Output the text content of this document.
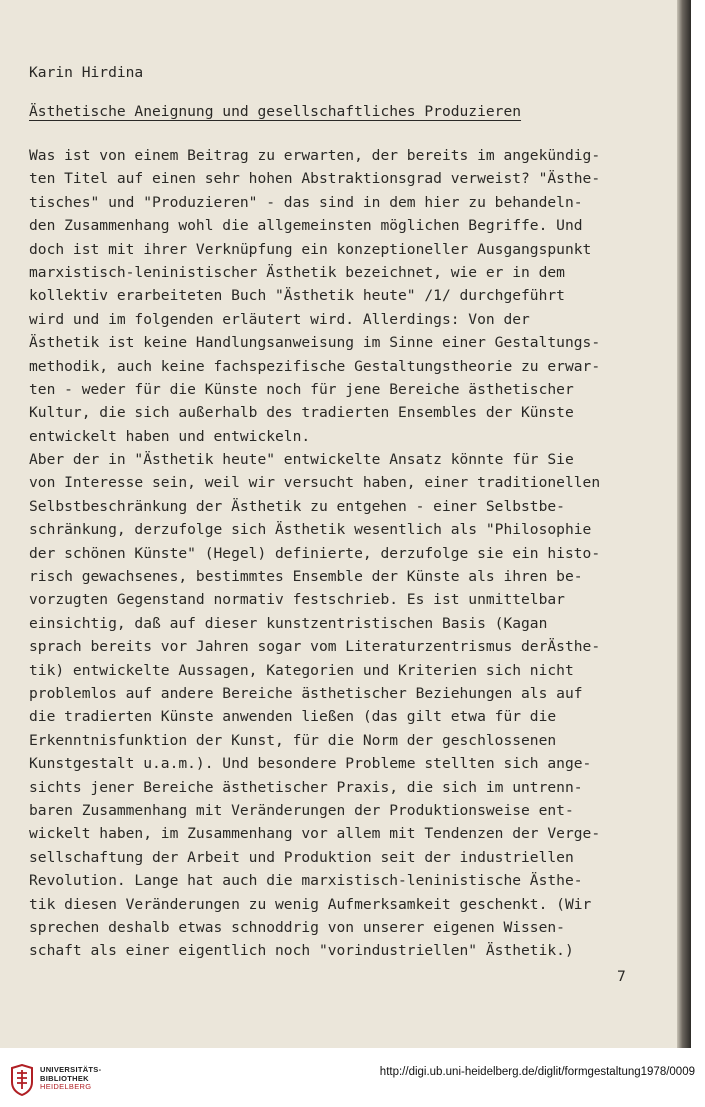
Karin Hirdina
Ästhetische Aneignung und gesellschaftliches Produzieren
Was ist von einem Beitrag zu erwarten, der bereits im angekündig-
ten Titel auf einen sehr hohen Abstraktionsgrad verweist? "Ästhe-
tisches" und "Produzieren" - das sind in dem hier zu behandeln-
den Zusammenhang wohl die allgemeinsten möglichen Begriffe. Und
doch ist mit ihrer Verknüpfung ein konzeptioneller Ausgangspunkt
marxistisch-leninistischer Ästhetik bezeichnet, wie er in dem
kollektiv erarbeiteten Buch "Ästhetik heute" /1/ durchgeführt
wird und im folgenden erläutert wird. Allerdings: Von der
Ästhetik ist keine Handlungsanweisung im Sinne einer Gestaltungs-
methodik, auch keine fachspezifische Gestaltungstheorie zu erwar-
ten - weder für die Künste noch für jene Bereiche ästhetischer
Kultur, die sich außerhalb des tradierten Ensembles der Künste
entwickelt haben und entwickeln.
Aber der in "Ästhetik heute" entwickelte Ansatz könnte für Sie
von Interesse sein, weil wir versucht haben, einer traditionellen
Selbstbeschränkung der Ästhetik zu entgehen - einer Selbstbe-
schränkung, derzufolge sich Ästhetik wesentlich als "Philosophie
der schönen Künste" (Hegel) definierte, derzufolge sie ein histo-
risch gewachsenes, bestimmtes Ensemble der Künste als ihren be-
vorzugten Gegenstand normativ festschrieb. Es ist unmittelbar
einsichtig, daß auf dieser kunstzentristischen Basis (Kagan
sprach bereits vor Jahren sogar vom Literaturzentrismus derÄsthe-
tik) entwickelte Aussagen, Kategorien und Kriterien sich nicht
problemlos auf andere Bereiche ästhetischer Beziehungen als auf
die tradierten Künste anwenden ließen (das gilt etwa für die
Erkenntnisfunktion der Kunst, für die Norm der geschlossenen
Kunstgestalt u.a.m.). Und besondere Probleme stellten sich ange-
sichts jener Bereiche ästhetischer Praxis, die sich im untrenn-
baren Zusammenhang mit Veränderungen der Produktionsweise ent-
wickelt haben, im Zusammenhang vor allem mit Tendenzen der Verge-
sellschaftung der Arbeit und Produktion seit der industriellen
Revolution. Lange hat auch die marxistisch-leninistische Ästhe-
tik diesen Veränderungen zu wenig Aufmerksamkeit geschenkt. (Wir
sprechen deshalb etwas schnoddrig von unserer eigenen Wissen-
schaft als einer eigentlich noch "vorindustriellen" Ästhetik.)
7
UNIVERSITÄTS-
BIBLIOTHEK
HEIDELBERG
http://digi.ub.uni-heidelberg.de/diglit/formgestaltung1978/0009
